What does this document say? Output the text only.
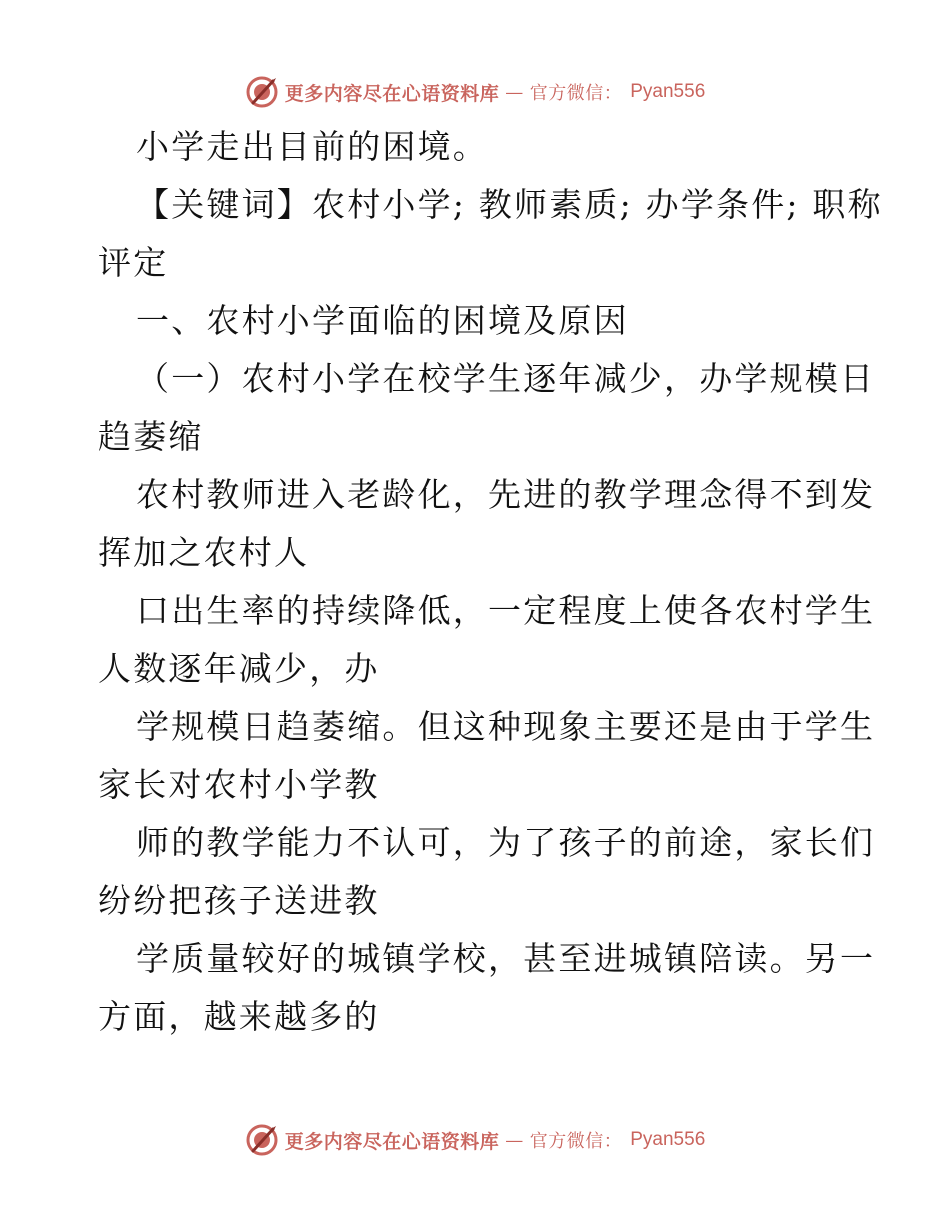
更多内容尽在心语资料库 — 官方微信： Pyan556

小学走出目前的困境。

【关键词】农村小学; 教师素质; 办学条件; 职称
评定

一、农村小学面临的困境及原因

（一）农村小学在校学生逐年减少，办学规模日
趋萎缩

农村教师进入老龄化，先进的教学理念得不到发
挥加之农村人

口出生率的持续降低，一定程度上使各农村学生
人数逐年减少，办

学规模日趋萎缩。但这种现象主要还是由于学生
家长对农村小学教

师的教学能力不认可，为了孩子的前途，家长们
纷纷把孩子送进教

学质量较好的城镇学校，甚至进城镇陪读。另一
方面，越来越多的

更多内容尽在心语资料库 — 官方微信： Pyan556
